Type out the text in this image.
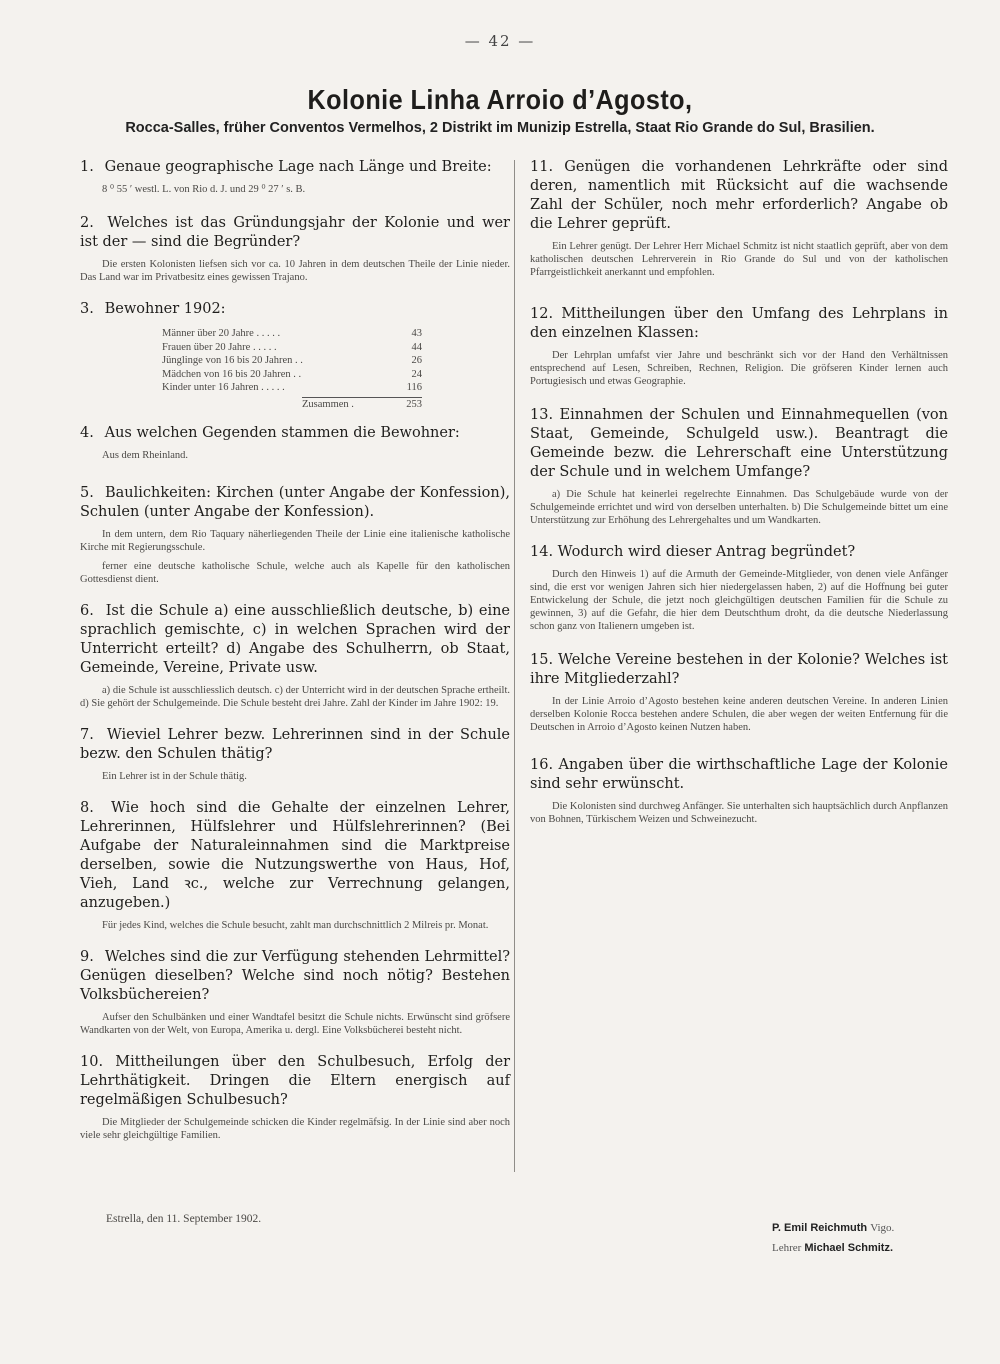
— 42 —
Kolonie Linha Arroio d’Agosto,
Rocca-Salles, früher Conventos Vermelhos, 2 Distrikt im Munizip Estrella, Staat Rio Grande do Sul, Brasilien.

1. Genaue geographische Lage nach Länge und Breite:

8 ⁰ 55 ′ westl. L. von Rio d. J. und 29 ⁰ 27 ′ s. B.

2. Welches ist das Gründungsjahr der Kolonie und wer ist der — sind die Begründer?

Die ersten Kolonisten liefsen sich vor ca. 10 Jahren in dem deutschen Theile der Linie nieder. Das Land war im Privatbesitz eines gewissen Trajano.

3. Bewohner 1902:

Männer über 20 Jahre . . . . .	43
Frauen über 20 Jahre . . . . .	44
Jünglinge von 16 bis 20 Jahren . .	26
Mädchen von 16 bis 20 Jahren . .	24
Kinder unter 16 Jahren . . . . .	116
Zusammen .	253

4. Aus welchen Gegenden stammen die Bewohner:

Aus dem Rheinland.

5. Baulichkeiten: Kirchen (unter Angabe der Konfession), Schulen (unter Angabe der Konfession).

In dem untern, dem Rio Taquary näherliegenden Theile der Linie eine italienische katholische Kirche mit Regierungsschule.

ferner eine deutsche katholische Schule, welche auch als Kapelle für den katholischen Gottesdienst dient.

6. Ist die Schule a) eine ausschließlich deutsche, b) eine sprachlich gemischte, c) in welchen Sprachen wird der Unterricht erteilt? d) Angabe des Schulherrn, ob Staat, Gemeinde, Vereine, Private usw.

a) die Schule ist ausschliesslich deutsch. c) der Unterricht wird in der deutschen Sprache ertheilt. d) Sie gehört der Schulgemeinde. Die Schule besteht drei Jahre. Zahl der Kinder im Jahre 1902: 19.

7. Wieviel Lehrer bezw. Lehrerinnen sind in der Schule bezw. den Schulen thätig?

Ein Lehrer ist in der Schule thätig.

8. Wie hoch sind die Gehalte der einzelnen Lehrer, Lehrerinnen, Hülfslehrer und Hülfslehrerinnen? (Bei Aufgabe der Naturaleinnahmen sind die Marktpreise derselben, sowie die Nutzungswerthe von Haus, Hof, Vieh, Land ꝛc., welche zur Verrechnung gelangen, anzugeben.)

Für jedes Kind, welches die Schule besucht, zahlt man durchschnittlich 2 Milreis pr. Monat.

9. Welches sind die zur Verfügung stehenden Lehrmittel? Genügen dieselben? Welche sind noch nötig? Bestehen Volksbüchereien?

Aufser den Schulbänken und einer Wandtafel besitzt die Schule nichts. Erwünscht sind gröfsere Wandkarten von der Welt, von Europa, Amerika u. dergl. Eine Volksbücherei besteht nicht.

10. Mittheilungen über den Schulbesuch, Erfolg der Lehrthätigkeit. Dringen die Eltern energisch auf regelmäßigen Schulbesuch?

Die Mitglieder der Schulgemeinde schicken die Kinder regelmäfsig. In der Linie sind aber noch viele sehr gleichgültige Familien.

11. Genügen die vorhandenen Lehrkräfte oder sind deren, namentlich mit Rücksicht auf die wachsende Zahl der Schüler, noch mehr erforderlich? Angabe ob die Lehrer geprüft.

Ein Lehrer genügt. Der Lehrer Herr Michael Schmitz ist nicht staatlich geprüft, aber von dem katholischen deutschen Lehrerverein in Rio Grande do Sul und von der katholischen Pfarrgeistlichkeit anerkannt und empfohlen.

12. Mittheilungen über den Umfang des Lehrplans in den einzelnen Klassen:

Der Lehrplan umfafst vier Jahre und beschränkt sich vor der Hand den Verhältnissen entsprechend auf Lesen, Schreiben, Rechnen, Religion. Die gröfseren Kinder lernen auch Portugiesisch und etwas Geographie.

13. Einnahmen der Schulen und Einnahmequellen (von Staat, Gemeinde, Schulgeld usw.). Beantragt die Gemeinde bezw. die Lehrerschaft eine Unterstützung der Schule und in welchem Umfange?

a) Die Schule hat keinerlei regelrechte Einnahmen. Das Schulgebäude wurde von der Schulgemeinde errichtet und wird von derselben unterhalten. b) Die Schulgemeinde bittet um eine Unterstützung zur Erhöhung des Lehrergehaltes und um Wandkarten.

14. Wodurch wird dieser Antrag begründet?

Durch den Hinweis 1) auf die Armuth der Gemeinde-Mitglieder, von denen viele Anfänger sind, die erst vor wenigen Jahren sich hier niedergelassen haben, 2) auf die Hoffnung bei guter Entwickelung der Schule, die jetzt noch gleichgültigen deutschen Familien für die Schule zu gewinnen, 3) auf die Gefahr, die hier dem Deutschthum droht, da die deutsche Niederlassung schon ganz von Italienern umgeben ist.

15. Welche Vereine bestehen in der Kolonie? Welches ist ihre Mitgliederzahl?

In der Linie Arroio d’Agosto bestehen keine anderen deutschen Vereine. In anderen Linien derselben Kolonie Rocca bestehen andere Schulen, die aber wegen der weiten Entfernung für die Deutschen in Arroio d’Agosto keinen Nutzen haben.

16. Angaben über die wirthschaftliche Lage der Kolonie sind sehr erwünscht.

Die Kolonisten sind durchweg Anfänger. Sie unterhalten sich hauptsächlich durch Anpflanzen von Bohnen, Türkischem Weizen und Schweinezucht.

Estrella, den 11. September 1902.
P. Emil Reichmuth Vigo.
Lehrer Michael Schmitz.
